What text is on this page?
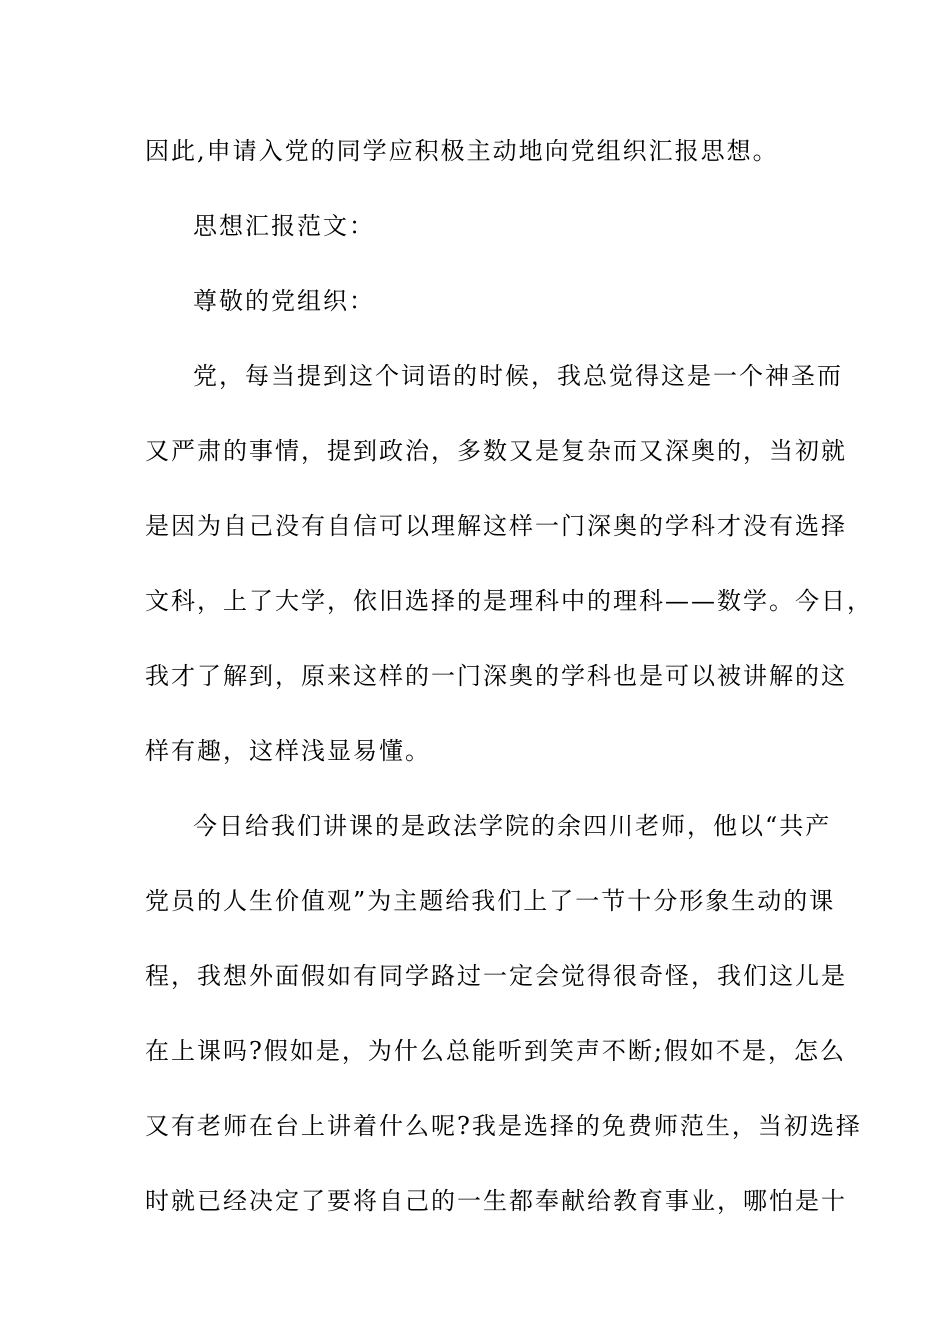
因此,申请入党的同学应积极主动地向党组织汇报思想。
思想汇报范文：
尊敬的党组织：
党，每当提到这个词语的时候，我总觉得这是一个神圣而
又严肃的事情，提到政治，多数又是复杂而又深奥的，当初就
是因为自己没有自信可以理解这样一门深奥的学科才没有选择
文科，上了大学，依旧选择的是理科中的理科——数学。今日，
我才了解到，原来这样的一门深奥的学科也是可以被讲解的这
样有趣，这样浅显易懂。
今日给我们讲课的是政法学院的余四川老师，他以“共产
党员的人生价值观”为主题给我们上了一节十分形象生动的课
程，我想外面假如有同学路过一定会觉得很奇怪，我们这儿是
在上课吗?假如是，为什么总能听到笑声不断;假如不是，怎么
又有老师在台上讲着什么呢?我是选择的免费师范生，当初选择
时就已经决定了要将自己的一生都奉献给教育事业，哪怕是十
